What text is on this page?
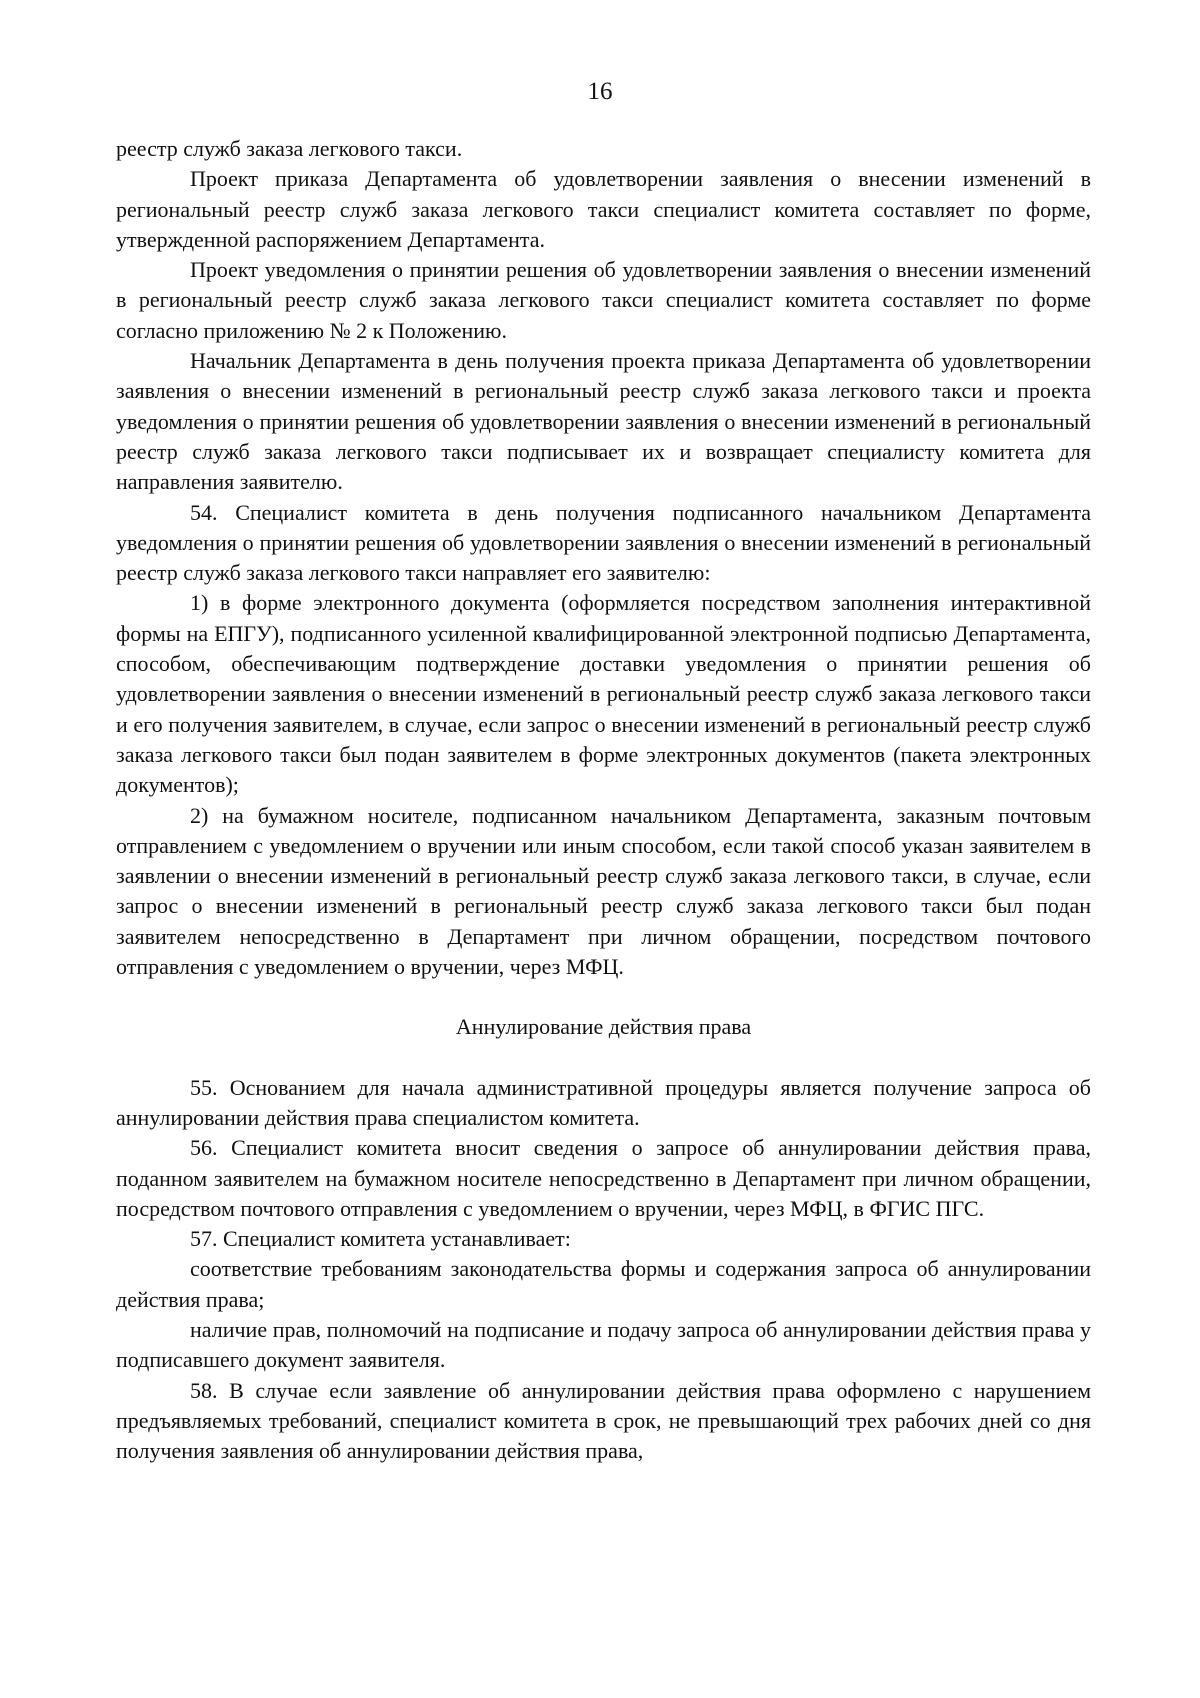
16

реестр служб заказа легкового такси.

Проект приказа Департамента об удовлетворении заявления о внесении изменений в региональный реестр служб заказа легкового такси специалист комитета составляет по форме, утвержденной распоряжением Департамента.

Проект уведомления о принятии решения об удовлетворении заявления о внесении изменений в региональный реестр служб заказа легкового такси специалист комитета составляет по форме согласно приложению № 2 к Положению.

Начальник Департамента в день получения проекта приказа Департамента об удовлетворении заявления о внесении изменений в региональный реестр служб заказа легкового такси и проекта уведомления о принятии решения об удовлетворении заявления о внесении изменений в региональный реестр служб заказа легкового такси подписывает их и возвращает специалисту комитета для направления заявителю.

54. Специалист комитета в день получения подписанного начальником Департамента уведомления о принятии решения об удовлетворении заявления о внесении изменений в региональный реестр служб заказа легкового такси направляет его заявителю:

1) в форме электронного документа (оформляется посредством заполнения интерактивной формы на ЕПГУ), подписанного усиленной квалифицированной электронной подписью Департамента, способом, обеспечивающим подтверждение доставки уведомления о принятии решения об удовлетворении заявления о внесении изменений в региональный реестр служб заказа легкового такси и его получения заявителем, в случае, если запрос о внесении изменений в региональный реестр служб заказа легкового такси был подан заявителем в форме электронных документов (пакета электронных документов);

2) на бумажном носителе, подписанном начальником Департамента, заказным почтовым отправлением с уведомлением о вручении или иным способом, если такой способ указан заявителем в заявлении о внесении изменений в региональный реестр служб заказа легкового такси, в случае, если запрос о внесении изменений в региональный реестр служб заказа легкового такси был подан заявителем непосредственно в Департамент при личном обращении, посредством почтового отправления с уведомлением о вручении, через МФЦ.

Аннулирование действия права

55. Основанием для начала административной процедуры является получение запроса об аннулировании действия права специалистом комитета.

56. Специалист комитета вносит сведения о запросе об аннулировании действия права, поданном заявителем на бумажном носителе непосредственно в Департамент при личном обращении, посредством почтового отправления с уведомлением о вручении, через МФЦ, в ФГИС ПГС.

57. Специалист комитета устанавливает:

соответствие требованиям законодательства формы и содержания запроса об аннулировании действия права;

наличие прав, полномочий на подписание и подачу запроса об аннулировании действия права у подписавшего документ заявителя.

58. В случае если заявление об аннулировании действия права оформлено с нарушением предъявляемых требований, специалист комитета в срок, не превышающий трех рабочих дней со дня получения заявления об аннулировании действия права,
